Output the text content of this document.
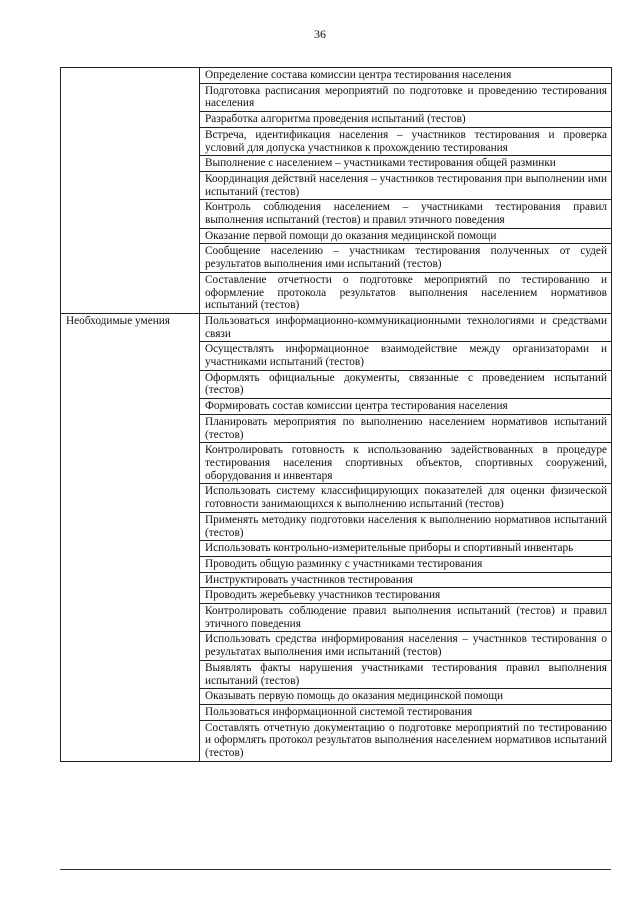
36
	Определение состава комиссии центра тестирования населения
	Подготовка расписания мероприятий по подготовке и проведению тестирования населения
	Разработка алгоритма проведения испытаний (тестов)
	Встреча, идентификация населения – участников тестирования и проверка условий для допуска участников к прохождению тестирования
	Выполнение с населением – участниками тестирования общей разминки
	Координация действий населения – участников тестирования при выполнении ими испытаний (тестов)
	Контроль соблюдения населением – участниками тестирования правил выполнения испытаний (тестов) и правил этичного поведения
	Оказание первой помощи до оказания медицинской помощи
	Сообщение населению – участникам тестирования полученных от судей результатов выполнения ими испытаний (тестов)
	Составление отчетности о подготовке мероприятий по тестированию и оформление протокола результатов выполнения населением нормативов испытаний (тестов)
Необходимые умения	Пользоваться информационно-коммуникационными технологиями и средствами связи
	Осуществлять информационное взаимодействие между организаторами и участниками испытаний (тестов)
	Оформлять официальные документы, связанные с проведением испытаний (тестов)
	Формировать состав комиссии центра тестирования населения
	Планировать мероприятия по выполнению населением нормативов испытаний (тестов)
	Контролировать готовность к использованию задействованных в процедуре тестирования населения спортивных объектов, спортивных сооружений, оборудования и инвентаря
	Использовать систему классифицирующих показателей для оценки физической готовности занимающихся к выполнению испытаний (тестов)
	Применять методику подготовки населения к выполнению нормативов испытаний (тестов)
	Использовать контрольно-измерительные приборы и спортивный инвентарь
	Проводить общую разминку с участниками тестирования
	Инструктировать участников тестирования
	Проводить жеребьевку участников тестирования
	Контролировать соблюдение правил выполнения испытаний (тестов) и правил этичного поведения
	Использовать средства информирования населения – участников тестирования о результатах выполнения ими испытаний (тестов)
	Выявлять факты нарушения участниками тестирования правил выполнения испытаний (тестов)
	Оказывать первую помощь до оказания медицинской помощи
	Пользоваться информационной системой тестирования
	Составлять отчетную документацию о подготовке мероприятий по тестированию и оформлять протокол результатов выполнения населением нормативов испытаний (тестов)
